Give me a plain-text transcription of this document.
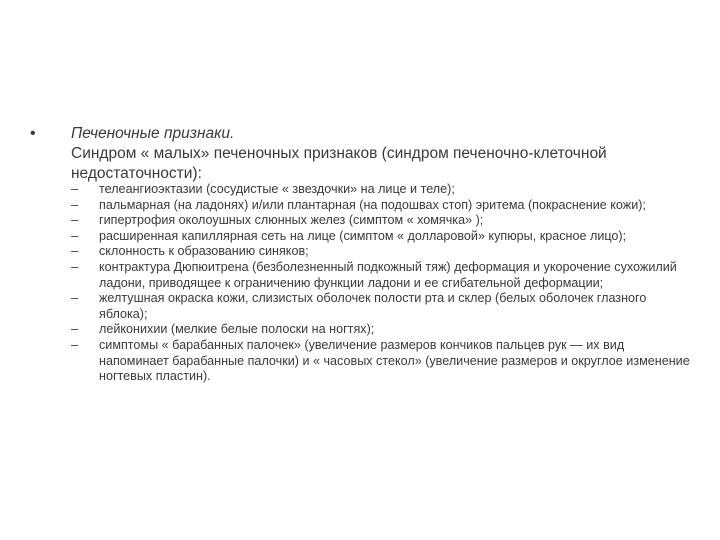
• Печеночные признаки.
Синдром « малых» печеночных признаков (синдром печеночно-клеточной недостаточности):
– телеангиоэктазии (сосудистые « звездочки» на лице и теле);
– пальмарная (на ладонях) и/или плантарная (на подошвах стоп) эритема (покраснение кожи);
– гипертрофия околоушных слюнных желез (симптом « хомячка» );
– расширенная капиллярная сеть на лице (симптом « долларовой» купюры, красное лицо);
– склонность к образованию синяков;
– контрактура Дюпюитрена (безболезненный подкожный тяж) деформация и укорочение сухожилий ладони, приводящее к ограничению функции ладони и ее сгибательной деформации;
– желтушная окраска кожи, слизистых оболочек полости рта и склер (белых оболочек глазного яблока);
– лейконихии (мелкие белые полоски на ногтях);
– симптомы « барабанных палочек» (увеличение размеров кончиков пальцев рук — их вид напоминает барабанные палочки) и « часовых стекол» (увеличение размеров и округлое изменение ногтевых пластин).
